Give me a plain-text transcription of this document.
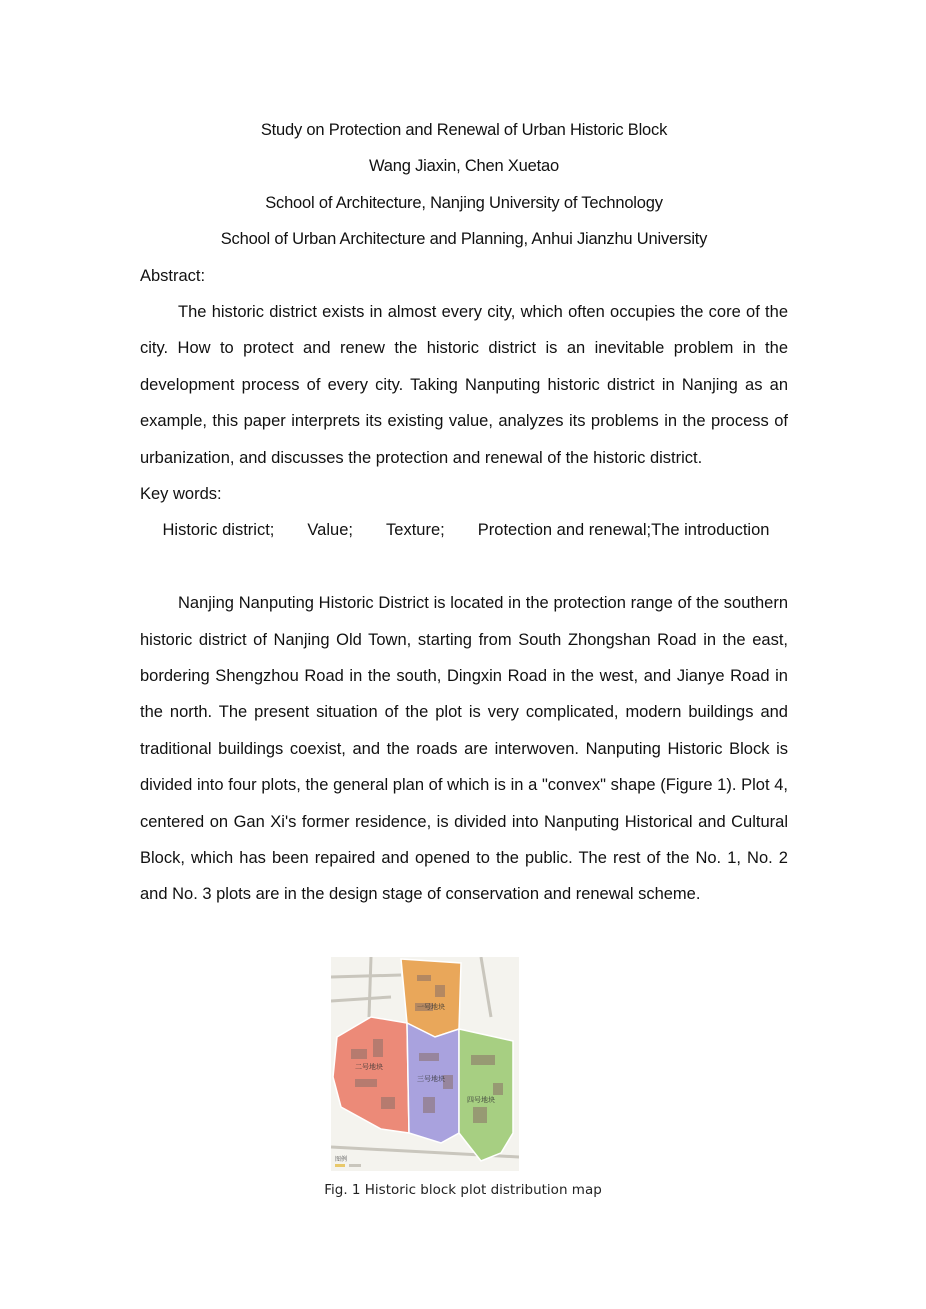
Study on Protection and Renewal of Urban Historic Block
Wang Jiaxin, Chen Xuetao
School of Architecture, Nanjing University of Technology
School of Urban Architecture and Planning, Anhui Jianzhu University
Abstract:

The historic district exists in almost every city, which often occupies the core of the city. How to protect and renew the historic district is an inevitable problem in the development process of every city. Taking Nanputing historic district in Nanjing as an example, this paper interprets its existing value, analyzes its problems in the process of urbanization, and discusses the protection and renewal of the historic district.

Key words:
Historic district; Value; Texture; Protection and renewal;The introduction

Nanjing Nanputing Historic District is located in the protection range of the southern historic district of Nanjing Old Town, starting from South Zhongshan Road in the east, bordering Shengzhou Road in the south, Dingxin Road in the west, and Jianye Road in the north. The present situation of the plot is very complicated, modern buildings and traditional buildings coexist, and the roads are interwoven. Nanputing Historic Block is divided into four plots, the general plan of which is in a "convex" shape (Figure 1). Plot 4, centered on Gan Xi's former residence, is divided into Nanputing Historical and Cultural Block, which has been repaired and opened to the public. The rest of the No. 1, No. 2 and No. 3 plots are in the design stage of conservation and renewal scheme.

一号地块
二号地块
三号地块
四号地块
图例
Fig. 1 Historic block plot distribution map
